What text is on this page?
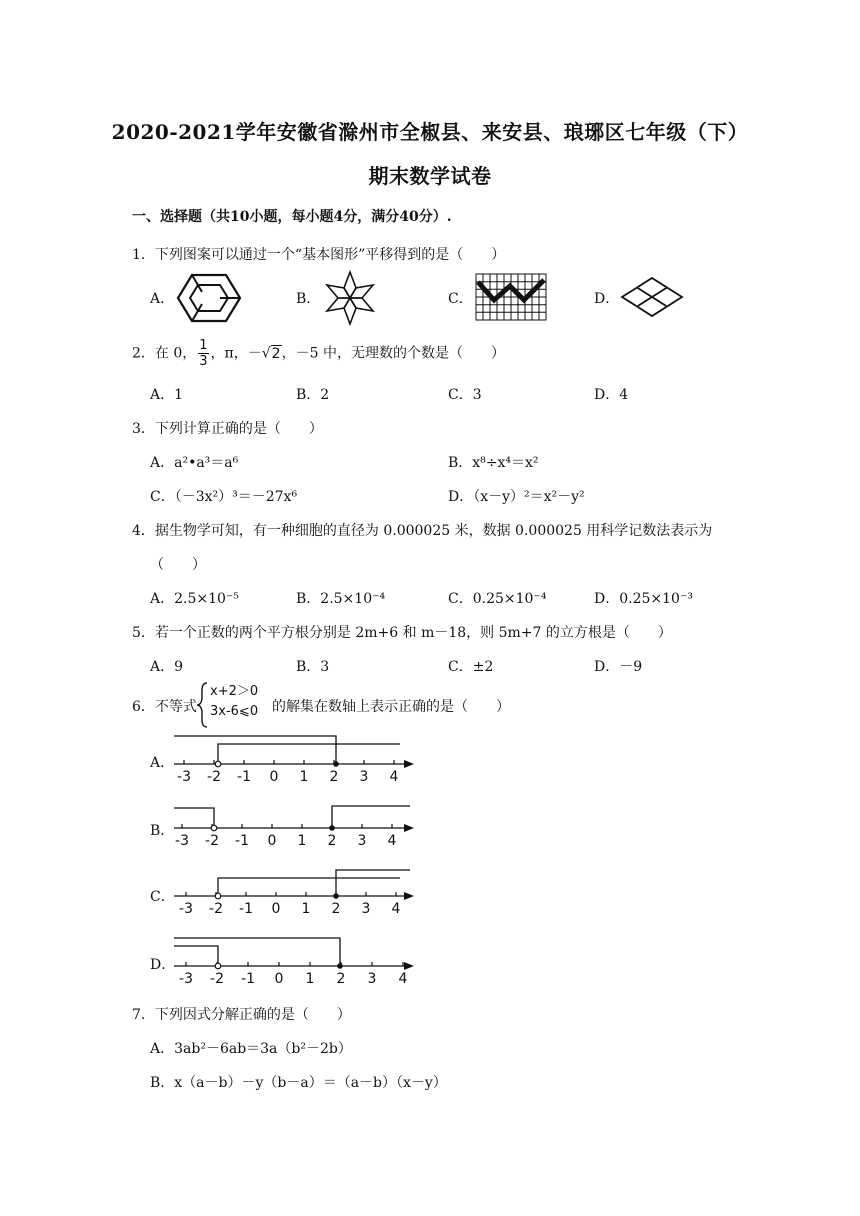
2020-2021学年安徽省滁州市全椒县、来安县、琅琊区七年级（下）
期末数学试卷
一、选择题（共10小题，每小题4分，满分40分）.
1．下列图案可以通过一个“基本图形”平移得到的是（　　）
A．	B．	C．	D．
2．在 0， $\frac{1}{3}$ ，π，－√2，－5 中，无理数的个数是（　　）
A．1	B．2	C．3	D．4
3．下列计算正确的是（　　）
A．a²•a³＝a⁶	B．x⁸÷x⁴＝x²
C．（－3x²）³＝－27x⁶	D．（x－y）²＝x²－y²
4．据生物学可知，有一种细胞的直径为 0.000025 米，数据 0.000025 用科学记数法表示为
（　　）
A．2.5×10⁻⁵	B．2.5×10⁻⁴	C．0.25×10⁻⁴	D．0.25×10⁻³
5．若一个正数的两个平方根分别是 2m+6 和 m－18，则 5m+7 的立方根是（　　）
A．9	B．3	C．±2	D．－9
6．不等式
x+2＞0
3x-6⩽0 的解集在数轴上表示正确的是（　　）
A．
B．
C．
D．
-3 -2 -1 0 1 2 3 4
-3 -2 -1 0 1 2 3 4
-3 -2 -1 0 1 2 3 4
-3 -2 -1 0 1 2 3 4
7．下列因式分解正确的是（　　）
A．3ab²－6ab＝3a（b²－2b）
B．x（a－b）－y（b－a）＝（a－b）（x－y）
